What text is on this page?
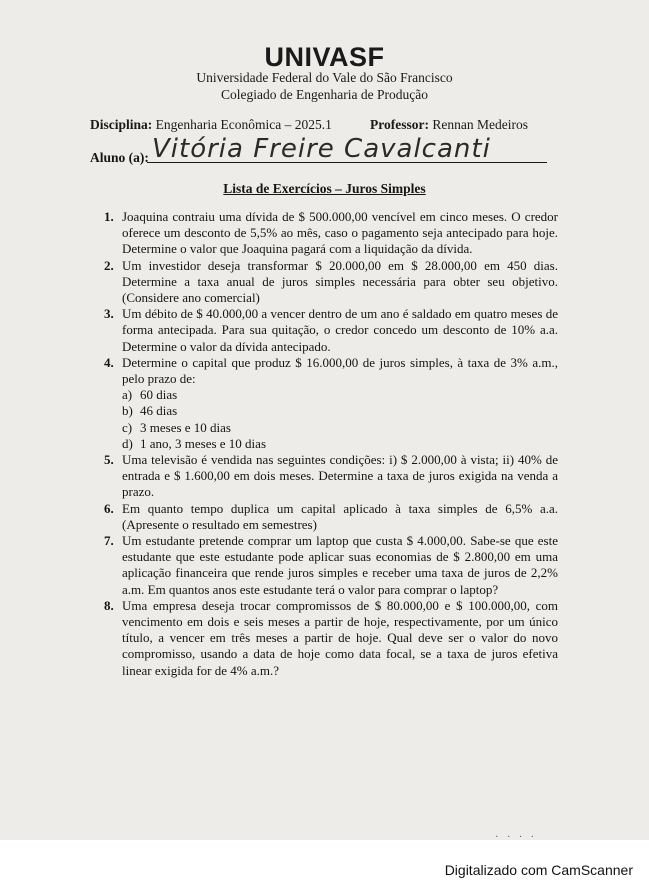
UNIVASF
Universidade Federal do Vale do São Francisco
Colegiado de Engenharia de Produção
Disciplina: Engenharia Econômica – 2025.1	Professor: Rennan Medeiros
Aluno (a): Vitória Freire Cavalcanti
Lista de Exercícios – Juros Simples
1. Joaquina contraiu uma dívida de $ 500.000,00 vencível em cinco meses. O credor oferece um desconto de 5,5% ao mês, caso o pagamento seja antecipado para hoje. Determine o valor que Joaquina pagará com a liquidação da dívida.
2. Um investidor deseja transformar $ 20.000,00 em $ 28.000,00 em 450 dias. Determine a taxa anual de juros simples necessária para obter seu objetivo. (Considere ano comercial)
3. Um débito de $ 40.000,00 a vencer dentro de um ano é saldado em quatro meses de forma antecipada. Para sua quitação, o credor concedo um desconto de 10% a.a. Determine o valor da dívida antecipado.
4. Determine o capital que produz $ 16.000,00 de juros simples, à taxa de 3% a.m., pelo prazo de:
a) 60 dias
b) 46 dias
c) 3 meses e 10 dias
d) 1 ano, 3 meses e 10 dias
5. Uma televisão é vendida nas seguintes condições: i) $ 2.000,00 à vista; ii) 40% de entrada e $ 1.600,00 em dois meses. Determine a taxa de juros exigida na venda a prazo.
6. Em quanto tempo duplica um capital aplicado à taxa simples de 6,5% a.a. (Apresente o resultado em semestres)
7. Um estudante pretende comprar um laptop que custa $ 4.000,00. Sabe-se que este estudante que este estudante pode aplicar suas economias de $ 2.800,00 em uma aplicação financeira que rende juros simples e receber uma taxa de juros de 2,2% a.m. Em quantos anos este estudante terá o valor para comprar o laptop?
8. Uma empresa deseja trocar compromissos de $ 80.000,00 e $ 100.000,00, com vencimento em dois e seis meses a partir de hoje, respectivamente, por um único título, a vencer em três meses a partir de hoje. Qual deve ser o valor do novo compromisso, usando a data de hoje como data focal, se a taxa de juros efetiva linear exigida for de 4% a.m.?
· · · ·
Digitalizado com CamScanner
